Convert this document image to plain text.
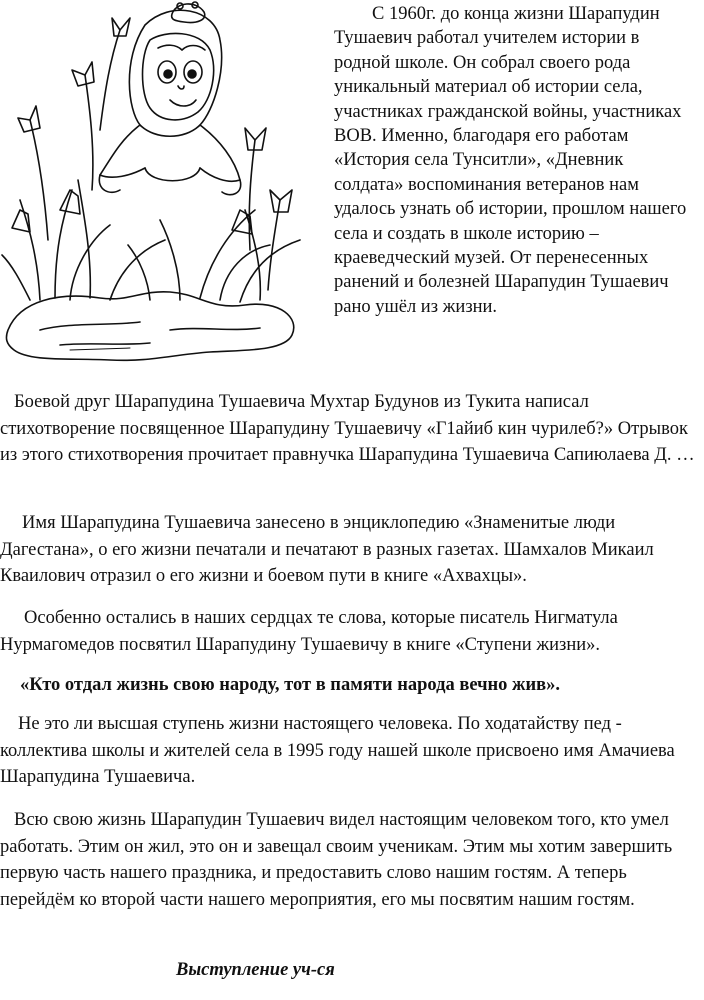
С 1960г. до конца жизни Шарапудин Тушаевич работал учителем истории в родной школе. Он собрал своего рода уникальный материал об истории села, участниках гражданской войны, участниках ВОВ. Именно, благодаря его работам «История села Тунситли», «Дневник солдата» воспоминания ветеранов нам удалось узнать об истории, прошлом нашего села и создать в школе историю – краеведческий музей. От перенесенных ранений и болезней Шарапудин Тушаевич рано ушёл из жизни.

Боевой друг Шарапудина Тушаевича Мухтар Будунов из Тукита написал стихотворение посвященное Шарапудину Тушаевичу «Г1айиб кин чурилеб?» Отрывок из этого стихотворения прочитает правнучка Шарапудина Тушаевича Сапиюлаева Д. …

Имя Шарапудина Тушаевича занесено в энциклопедию «Знаменитые люди Дагестана», о его жизни печатали и печатают в разных газетах. Шамхалов Микаил Кваилович отразил о его жизни и боевом пути в книге «Ахвахцы».

Особенно остались в наших сердцах те слова, которые писатель Нигматула Нурмагомедов посвятил Шарапудину Тушаевичу в книге «Ступени жизни».

«Кто отдал жизнь свою народу, тот в памяти народа вечно жив».

Не это ли высшая ступень жизни настоящего человека. По ходатайству пед - коллектива школы и жителей села в 1995 году нашей школе присвоено имя Амачиева Шарапудина Тушаевича.

Всю свою жизнь Шарапудин Тушаевич видел настоящим человеком того, кто умел работать. Этим он жил, это он и завещал своим ученикам. Этим мы хотим завершить первую часть нашего праздника, и предоставить слово нашим гостям. А теперь перейдём ко второй части нашего мероприятия, его мы посвятим нашим гостям.

Выступление уч-ся
